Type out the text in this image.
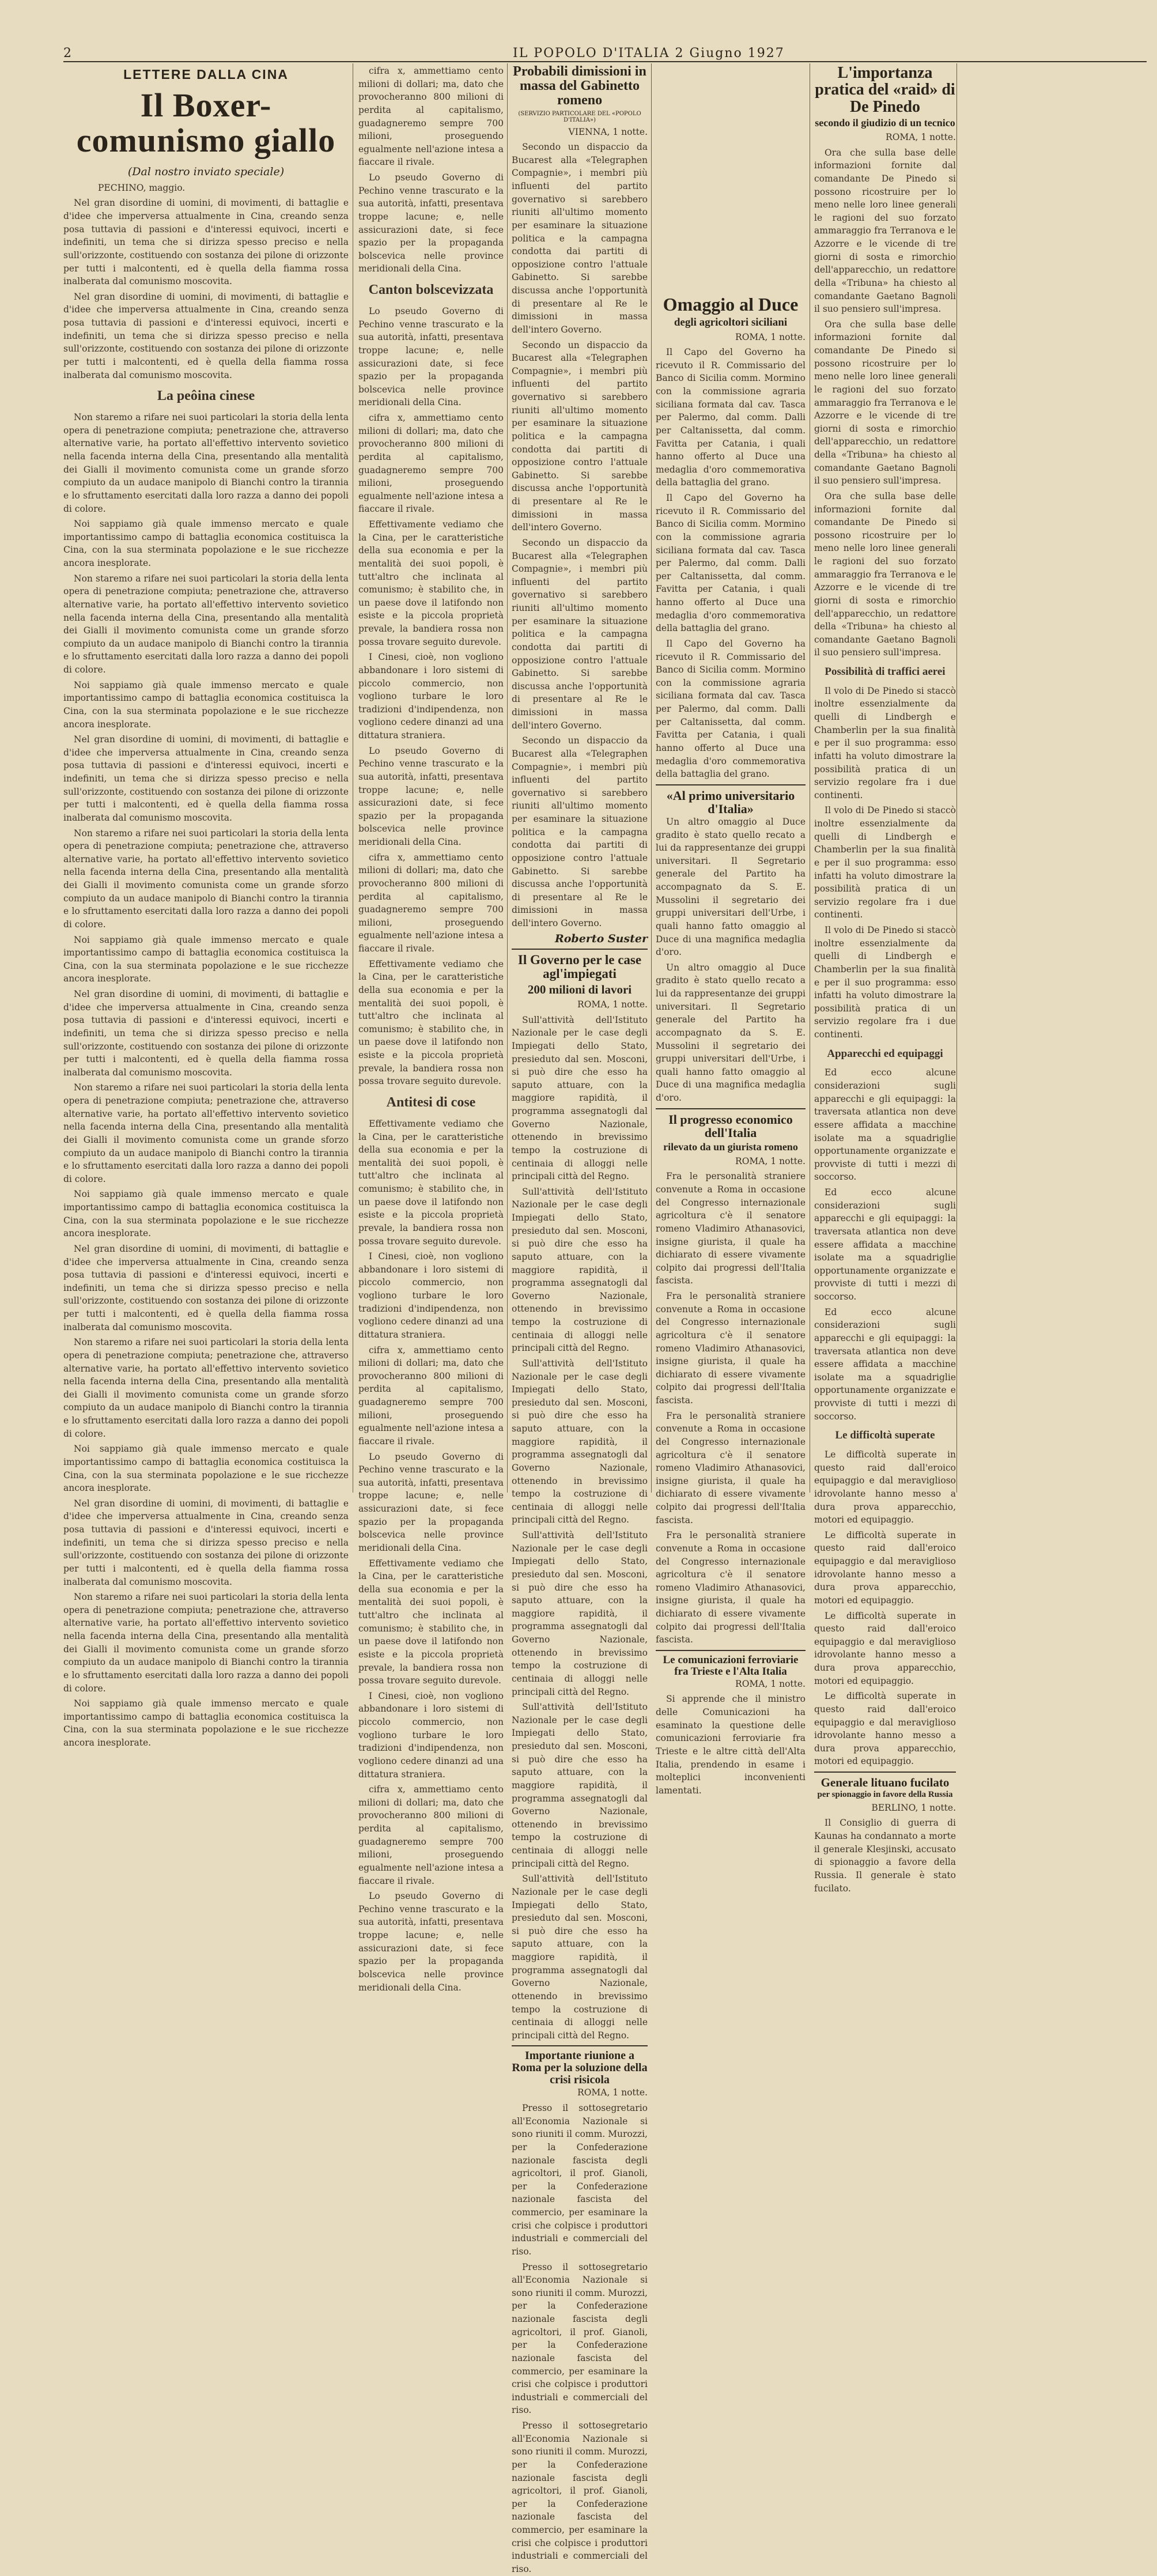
2	IL POPOLO D'ITALIA 2 Giugno 1927
LETTERE DALLA CINA
Il Boxer-comunismo giallo
(Dal nostro inviato speciale)

PECHINO, maggio.

Nel gran disordine di uomini, di movimenti, di battaglie e d'idee che imperversa attualmente in Cina, creando senza posa tuttavia di passioni e d'interessi equivoci, incerti e indefiniti, un tema che si dirizza spesso preciso e nella sull'orizzonte, costituendo con sostanza dei pilone di orizzonte per tutti i malcontenti, ed è quella della fiamma rossa inalberata dal comunismo moscovita.

Nel gran disordine di uomini, di movimenti, di battaglie e d'idee che imperversa attualmente in Cina, creando senza posa tuttavia di passioni e d'interessi equivoci, incerti e indefiniti, un tema che si dirizza spesso preciso e nella sull'orizzonte, costituendo con sostanza dei pilone di orizzonte per tutti i malcontenti, ed è quella della fiamma rossa inalberata dal comunismo moscovita.

La peôina cinese

Non staremo a rifare nei suoi particolari la storia della lenta opera di penetrazione compiuta; penetrazione che, attraverso alternative varie, ha portato all'effettivo intervento sovietico nella facenda interna della Cina, presentando alla mentalità dei Gialli il movimento comunista come un grande sforzo compiuto da un audace manipolo di Bianchi contro la tirannia e lo sfruttamento esercitati dalla loro razza a danno dei popoli di colore.

Noi sappiamo già quale immenso mercato e quale importantissimo campo di battaglia economica costituisca la Cina, con la sua sterminata popolazione e le sue ricchezze ancora inesplorate.

Non staremo a rifare nei suoi particolari la storia della lenta opera di penetrazione compiuta; penetrazione che, attraverso alternative varie, ha portato all'effettivo intervento sovietico nella facenda interna della Cina, presentando alla mentalità dei Gialli il movimento comunista come un grande sforzo compiuto da un audace manipolo di Bianchi contro la tirannia e lo sfruttamento esercitati dalla loro razza a danno dei popoli di colore.

Noi sappiamo già quale immenso mercato e quale importantissimo campo di battaglia economica costituisca la Cina, con la sua sterminata popolazione e le sue ricchezze ancora inesplorate.

Nel gran disordine di uomini, di movimenti, di battaglie e d'idee che imperversa attualmente in Cina, creando senza posa tuttavia di passioni e d'interessi equivoci, incerti e indefiniti, un tema che si dirizza spesso preciso e nella sull'orizzonte, costituendo con sostanza dei pilone di orizzonte per tutti i malcontenti, ed è quella della fiamma rossa inalberata dal comunismo moscovita.

Non staremo a rifare nei suoi particolari la storia della lenta opera di penetrazione compiuta; penetrazione che, attraverso alternative varie, ha portato all'effettivo intervento sovietico nella facenda interna della Cina, presentando alla mentalità dei Gialli il movimento comunista come un grande sforzo compiuto da un audace manipolo di Bianchi contro la tirannia e lo sfruttamento esercitati dalla loro razza a danno dei popoli di colore.

Noi sappiamo già quale immenso mercato e quale importantissimo campo di battaglia economica costituisca la Cina, con la sua sterminata popolazione e le sue ricchezze ancora inesplorate.

Nel gran disordine di uomini, di movimenti, di battaglie e d'idee che imperversa attualmente in Cina, creando senza posa tuttavia di passioni e d'interessi equivoci, incerti e indefiniti, un tema che si dirizza spesso preciso e nella sull'orizzonte, costituendo con sostanza dei pilone di orizzonte per tutti i malcontenti, ed è quella della fiamma rossa inalberata dal comunismo moscovita.

Non staremo a rifare nei suoi particolari la storia della lenta opera di penetrazione compiuta; penetrazione che, attraverso alternative varie, ha portato all'effettivo intervento sovietico nella facenda interna della Cina, presentando alla mentalità dei Gialli il movimento comunista come un grande sforzo compiuto da un audace manipolo di Bianchi contro la tirannia e lo sfruttamento esercitati dalla loro razza a danno dei popoli di colore.

Noi sappiamo già quale immenso mercato e quale importantissimo campo di battaglia economica costituisca la Cina, con la sua sterminata popolazione e le sue ricchezze ancora inesplorate.

Nel gran disordine di uomini, di movimenti, di battaglie e d'idee che imperversa attualmente in Cina, creando senza posa tuttavia di passioni e d'interessi equivoci, incerti e indefiniti, un tema che si dirizza spesso preciso e nella sull'orizzonte, costituendo con sostanza dei pilone di orizzonte per tutti i malcontenti, ed è quella della fiamma rossa inalberata dal comunismo moscovita.

Non staremo a rifare nei suoi particolari la storia della lenta opera di penetrazione compiuta; penetrazione che, attraverso alternative varie, ha portato all'effettivo intervento sovietico nella facenda interna della Cina, presentando alla mentalità dei Gialli il movimento comunista come un grande sforzo compiuto da un audace manipolo di Bianchi contro la tirannia e lo sfruttamento esercitati dalla loro razza a danno dei popoli di colore.

Noi sappiamo già quale immenso mercato e quale importantissimo campo di battaglia economica costituisca la Cina, con la sua sterminata popolazione e le sue ricchezze ancora inesplorate.

Nel gran disordine di uomini, di movimenti, di battaglie e d'idee che imperversa attualmente in Cina, creando senza posa tuttavia di passioni e d'interessi equivoci, incerti e indefiniti, un tema che si dirizza spesso preciso e nella sull'orizzonte, costituendo con sostanza dei pilone di orizzonte per tutti i malcontenti, ed è quella della fiamma rossa inalberata dal comunismo moscovita.

Non staremo a rifare nei suoi particolari la storia della lenta opera di penetrazione compiuta; penetrazione che, attraverso alternative varie, ha portato all'effettivo intervento sovietico nella facenda interna della Cina, presentando alla mentalità dei Gialli il movimento comunista come un grande sforzo compiuto da un audace manipolo di Bianchi contro la tirannia e lo sfruttamento esercitati dalla loro razza a danno dei popoli di colore.

Noi sappiamo già quale immenso mercato e quale importantissimo campo di battaglia economica costituisca la Cina, con la sua sterminata popolazione e le sue ricchezze ancora inesplorate.

cifra x, ammettiamo cento milioni di dollari; ma, dato che provocheranno 800 milioni di perdita al capitalismo, guadagneremo sempre 700 milioni, proseguendo egualmente nell'azione intesa a fiaccare il rivale.

Lo pseudo Governo di Pechino venne trascurato e la sua autorità, infatti, presentava troppe lacune; e, nelle assicurazioni date, si fece spazio per la propaganda bolscevica nelle province meridionali della Cina.

Canton bolscevizzata

Lo pseudo Governo di Pechino venne trascurato e la sua autorità, infatti, presentava troppe lacune; e, nelle assicurazioni date, si fece spazio per la propaganda bolscevica nelle province meridionali della Cina.

cifra x, ammettiamo cento milioni di dollari; ma, dato che provocheranno 800 milioni di perdita al capitalismo, guadagneremo sempre 700 milioni, proseguendo egualmente nell'azione intesa a fiaccare il rivale.

Effettivamente vediamo che la Cina, per le caratteristiche della sua economia e per la mentalità dei suoi popoli, è tutt'altro che inclinata al comunismo; è stabilito che, in un paese dove il latifondo non esiste e la piccola proprietà prevale, la bandiera rossa non possa trovare seguito durevole.

I Cinesi, cioè, non vogliono abbandonare i loro sistemi di piccolo commercio, non vogliono turbare le loro tradizioni d'indipendenza, non vogliono cedere dinanzi ad una dittatura straniera.

Lo pseudo Governo di Pechino venne trascurato e la sua autorità, infatti, presentava troppe lacune; e, nelle assicurazioni date, si fece spazio per la propaganda bolscevica nelle province meridionali della Cina.

cifra x, ammettiamo cento milioni di dollari; ma, dato che provocheranno 800 milioni di perdita al capitalismo, guadagneremo sempre 700 milioni, proseguendo egualmente nell'azione intesa a fiaccare il rivale.

Effettivamente vediamo che la Cina, per le caratteristiche della sua economia e per la mentalità dei suoi popoli, è tutt'altro che inclinata al comunismo; è stabilito che, in un paese dove il latifondo non esiste e la piccola proprietà prevale, la bandiera rossa non possa trovare seguito durevole.

Antitesi di cose

Effettivamente vediamo che la Cina, per le caratteristiche della sua economia e per la mentalità dei suoi popoli, è tutt'altro che inclinata al comunismo; è stabilito che, in un paese dove il latifondo non esiste e la piccola proprietà prevale, la bandiera rossa non possa trovare seguito durevole.

I Cinesi, cioè, non vogliono abbandonare i loro sistemi di piccolo commercio, non vogliono turbare le loro tradizioni d'indipendenza, non vogliono cedere dinanzi ad una dittatura straniera.

cifra x, ammettiamo cento milioni di dollari; ma, dato che provocheranno 800 milioni di perdita al capitalismo, guadagneremo sempre 700 milioni, proseguendo egualmente nell'azione intesa a fiaccare il rivale.

Lo pseudo Governo di Pechino venne trascurato e la sua autorità, infatti, presentava troppe lacune; e, nelle assicurazioni date, si fece spazio per la propaganda bolscevica nelle province meridionali della Cina.

Effettivamente vediamo che la Cina, per le caratteristiche della sua economia e per la mentalità dei suoi popoli, è tutt'altro che inclinata al comunismo; è stabilito che, in un paese dove il latifondo non esiste e la piccola proprietà prevale, la bandiera rossa non possa trovare seguito durevole.

I Cinesi, cioè, non vogliono abbandonare i loro sistemi di piccolo commercio, non vogliono turbare le loro tradizioni d'indipendenza, non vogliono cedere dinanzi ad una dittatura straniera.

cifra x, ammettiamo cento milioni di dollari; ma, dato che provocheranno 800 milioni di perdita al capitalismo, guadagneremo sempre 700 milioni, proseguendo egualmente nell'azione intesa a fiaccare il rivale.

Lo pseudo Governo di Pechino venne trascurato e la sua autorità, infatti, presentava troppe lacune; e, nelle assicurazioni date, si fece spazio per la propaganda bolscevica nelle province meridionali della Cina.

Probabili dimissioni in massa del Gabinetto romeno
(SERVIZIO PARTICOLARE DEL «POPOLO D'ITALIA»)

VIENNA, 1 notte.

Secondo un dispaccio da Bucarest alla «Telegraphen Compagnie», i membri più influenti del partito governativo si sarebbero riuniti all'ultimo momento per esaminare la situazione politica e la campagna condotta dai partiti di opposizione contro l'attuale Gabinetto. Si sarebbe discussa anche l'opportunità di presentare al Re le dimissioni in massa dell'intero Governo.

Secondo un dispaccio da Bucarest alla «Telegraphen Compagnie», i membri più influenti del partito governativo si sarebbero riuniti all'ultimo momento per esaminare la situazione politica e la campagna condotta dai partiti di opposizione contro l'attuale Gabinetto. Si sarebbe discussa anche l'opportunità di presentare al Re le dimissioni in massa dell'intero Governo.

Secondo un dispaccio da Bucarest alla «Telegraphen Compagnie», i membri più influenti del partito governativo si sarebbero riuniti all'ultimo momento per esaminare la situazione politica e la campagna condotta dai partiti di opposizione contro l'attuale Gabinetto. Si sarebbe discussa anche l'opportunità di presentare al Re le dimissioni in massa dell'intero Governo.

Secondo un dispaccio da Bucarest alla «Telegraphen Compagnie», i membri più influenti del partito governativo si sarebbero riuniti all'ultimo momento per esaminare la situazione politica e la campagna condotta dai partiti di opposizione contro l'attuale Gabinetto. Si sarebbe discussa anche l'opportunità di presentare al Re le dimissioni in massa dell'intero Governo.

Roberto Suster
Il Governo per le case agl'impiegati
200 milioni di lavori

ROMA, 1 notte.

Sull'attività dell'Istituto Nazionale per le case degli Impiegati dello Stato, presieduto dal sen. Mosconi, si può dire che esso ha saputo attuare, con la maggiore rapidità, il programma assegnatogli dal Governo Nazionale, ottenendo in brevissimo tempo la costruzione di centinaia di alloggi nelle principali città del Regno.

Sull'attività dell'Istituto Nazionale per le case degli Impiegati dello Stato, presieduto dal sen. Mosconi, si può dire che esso ha saputo attuare, con la maggiore rapidità, il programma assegnatogli dal Governo Nazionale, ottenendo in brevissimo tempo la costruzione di centinaia di alloggi nelle principali città del Regno.

Sull'attività dell'Istituto Nazionale per le case degli Impiegati dello Stato, presieduto dal sen. Mosconi, si può dire che esso ha saputo attuare, con la maggiore rapidità, il programma assegnatogli dal Governo Nazionale, ottenendo in brevissimo tempo la costruzione di centinaia di alloggi nelle principali città del Regno.

Sull'attività dell'Istituto Nazionale per le case degli Impiegati dello Stato, presieduto dal sen. Mosconi, si può dire che esso ha saputo attuare, con la maggiore rapidità, il programma assegnatogli dal Governo Nazionale, ottenendo in brevissimo tempo la costruzione di centinaia di alloggi nelle principali città del Regno.

Sull'attività dell'Istituto Nazionale per le case degli Impiegati dello Stato, presieduto dal sen. Mosconi, si può dire che esso ha saputo attuare, con la maggiore rapidità, il programma assegnatogli dal Governo Nazionale, ottenendo in brevissimo tempo la costruzione di centinaia di alloggi nelle principali città del Regno.

Sull'attività dell'Istituto Nazionale per le case degli Impiegati dello Stato, presieduto dal sen. Mosconi, si può dire che esso ha saputo attuare, con la maggiore rapidità, il programma assegnatogli dal Governo Nazionale, ottenendo in brevissimo tempo la costruzione di centinaia di alloggi nelle principali città del Regno.

Importante riunione a Roma per la soluzione della crisi risicola

ROMA, 1 notte.

Presso il sottosegretario all'Economia Nazionale si sono riuniti il comm. Murozzi, per la Confederazione nazionale fascista degli agricoltori, il prof. Gianoli, per la Confederazione nazionale fascista del commercio, per esaminare la crisi che colpisce i produttori industriali e commerciali del riso.

Presso il sottosegretario all'Economia Nazionale si sono riuniti il comm. Murozzi, per la Confederazione nazionale fascista degli agricoltori, il prof. Gianoli, per la Confederazione nazionale fascista del commercio, per esaminare la crisi che colpisce i produttori industriali e commerciali del riso.

Presso il sottosegretario all'Economia Nazionale si sono riuniti il comm. Murozzi, per la Confederazione nazionale fascista degli agricoltori, il prof. Gianoli, per la Confederazione nazionale fascista del commercio, per esaminare la crisi che colpisce i produttori industriali e commerciali del riso.

Omaggio al Duce
degli agricoltori siciliani

ROMA, 1 notte.

Il Capo del Governo ha ricevuto il R. Commissario del Banco di Sicilia comm. Mormino con la commissione agraria siciliana formata dal cav. Tasca per Palermo, dal comm. Dalli per Caltanissetta, dal comm. Favitta per Catania, i quali hanno offerto al Duce una medaglia d'oro commemorativa della battaglia del grano.

Il Capo del Governo ha ricevuto il R. Commissario del Banco di Sicilia comm. Mormino con la commissione agraria siciliana formata dal cav. Tasca per Palermo, dal comm. Dalli per Caltanissetta, dal comm. Favitta per Catania, i quali hanno offerto al Duce una medaglia d'oro commemorativa della battaglia del grano.

Il Capo del Governo ha ricevuto il R. Commissario del Banco di Sicilia comm. Mormino con la commissione agraria siciliana formata dal cav. Tasca per Palermo, dal comm. Dalli per Caltanissetta, dal comm. Favitta per Catania, i quali hanno offerto al Duce una medaglia d'oro commemorativa della battaglia del grano.

«Al primo universitario d'Italia»

Un altro omaggio al Duce gradito è stato quello recato a lui da rappresentanze dei gruppi universitari. Il Segretario generale del Partito ha accompagnato da S. E. Mussolini il segretario dei gruppi universitari dell'Urbe, i quali hanno fatto omaggio al Duce di una magnifica medaglia d'oro.

Un altro omaggio al Duce gradito è stato quello recato a lui da rappresentanze dei gruppi universitari. Il Segretario generale del Partito ha accompagnato da S. E. Mussolini il segretario dei gruppi universitari dell'Urbe, i quali hanno fatto omaggio al Duce di una magnifica medaglia d'oro.

Il progresso economico dell'Italia
rilevato da un giurista romeno

ROMA, 1 notte.

Fra le personalità straniere convenute a Roma in occasione del Congresso internazionale agricoltura c'è il senatore romeno Vladimiro Athanasovici, insigne giurista, il quale ha dichiarato di essere vivamente colpito dai progressi dell'Italia fascista.

Fra le personalità straniere convenute a Roma in occasione del Congresso internazionale agricoltura c'è il senatore romeno Vladimiro Athanasovici, insigne giurista, il quale ha dichiarato di essere vivamente colpito dai progressi dell'Italia fascista.

Fra le personalità straniere convenute a Roma in occasione del Congresso internazionale agricoltura c'è il senatore romeno Vladimiro Athanasovici, insigne giurista, il quale ha dichiarato di essere vivamente colpito dai progressi dell'Italia fascista.

Fra le personalità straniere convenute a Roma in occasione del Congresso internazionale agricoltura c'è il senatore romeno Vladimiro Athanasovici, insigne giurista, il quale ha dichiarato di essere vivamente colpito dai progressi dell'Italia fascista.

Le comunicazioni ferroviarie fra Trieste e l'Alta Italia

ROMA, 1 notte.

Si apprende che il ministro delle Comunicazioni ha esaminato la questione delle comunicazioni ferroviarie fra Trieste e le altre città dell'Alta Italia, prendendo in esame i molteplici inconvenienti lamentati.

L'importanza pratica del «raid» di De Pinedo
secondo il giudizio di un tecnico

ROMA, 1 notte.

Ora che sulla base delle informazioni fornite dal comandante De Pinedo si possono ricostruire per lo meno nelle loro linee generali le ragioni del suo forzato ammaraggio fra Terranova e le Azzorre e le vicende di tre giorni di sosta e rimorchio dell'apparecchio, un redattore della «Tribuna» ha chiesto al comandante Gaetano Bagnoli il suo pensiero sull'impresa.

Ora che sulla base delle informazioni fornite dal comandante De Pinedo si possono ricostruire per lo meno nelle loro linee generali le ragioni del suo forzato ammaraggio fra Terranova e le Azzorre e le vicende di tre giorni di sosta e rimorchio dell'apparecchio, un redattore della «Tribuna» ha chiesto al comandante Gaetano Bagnoli il suo pensiero sull'impresa.

Ora che sulla base delle informazioni fornite dal comandante De Pinedo si possono ricostruire per lo meno nelle loro linee generali le ragioni del suo forzato ammaraggio fra Terranova e le Azzorre e le vicende di tre giorni di sosta e rimorchio dell'apparecchio, un redattore della «Tribuna» ha chiesto al comandante Gaetano Bagnoli il suo pensiero sull'impresa.

Possibilità di traffici aerei

Il volo di De Pinedo si staccò inoltre essenzialmente da quelli di Lindbergh e Chamberlin per la sua finalità e per il suo programma: esso infatti ha voluto dimostrare la possibilità pratica di un servizio regolare fra i due continenti.

Il volo di De Pinedo si staccò inoltre essenzialmente da quelli di Lindbergh e Chamberlin per la sua finalità e per il suo programma: esso infatti ha voluto dimostrare la possibilità pratica di un servizio regolare fra i due continenti.

Il volo di De Pinedo si staccò inoltre essenzialmente da quelli di Lindbergh e Chamberlin per la sua finalità e per il suo programma: esso infatti ha voluto dimostrare la possibilità pratica di un servizio regolare fra i due continenti.

Apparecchi ed equipaggi

Ed ecco alcune considerazioni sugli apparecchi e gli equipaggi: la traversata atlantica non deve essere affidata a macchine isolate ma a squadriglie opportunamente organizzate e provviste di tutti i mezzi di soccorso.

Ed ecco alcune considerazioni sugli apparecchi e gli equipaggi: la traversata atlantica non deve essere affidata a macchine isolate ma a squadriglie opportunamente organizzate e provviste di tutti i mezzi di soccorso.

Ed ecco alcune considerazioni sugli apparecchi e gli equipaggi: la traversata atlantica non deve essere affidata a macchine isolate ma a squadriglie opportunamente organizzate e provviste di tutti i mezzi di soccorso.

Le difficoltà superate

Le difficoltà superate in questo raid dall'eroico equipaggio e dal meraviglioso idrovolante hanno messo a dura prova apparecchio, motori ed equipaggio.

Le difficoltà superate in questo raid dall'eroico equipaggio e dal meraviglioso idrovolante hanno messo a dura prova apparecchio, motori ed equipaggio.

Le difficoltà superate in questo raid dall'eroico equipaggio e dal meraviglioso idrovolante hanno messo a dura prova apparecchio, motori ed equipaggio.

Le difficoltà superate in questo raid dall'eroico equipaggio e dal meraviglioso idrovolante hanno messo a dura prova apparecchio, motori ed equipaggio.

Generale lituano fucilato
per spionaggio in favore della Russia

BERLINO, 1 notte.

Il Consiglio di guerra di Kaunas ha condannato a morte il generale Klesjinski, accusato di spionaggio a favore della Russia. Il generale è stato fucilato.
